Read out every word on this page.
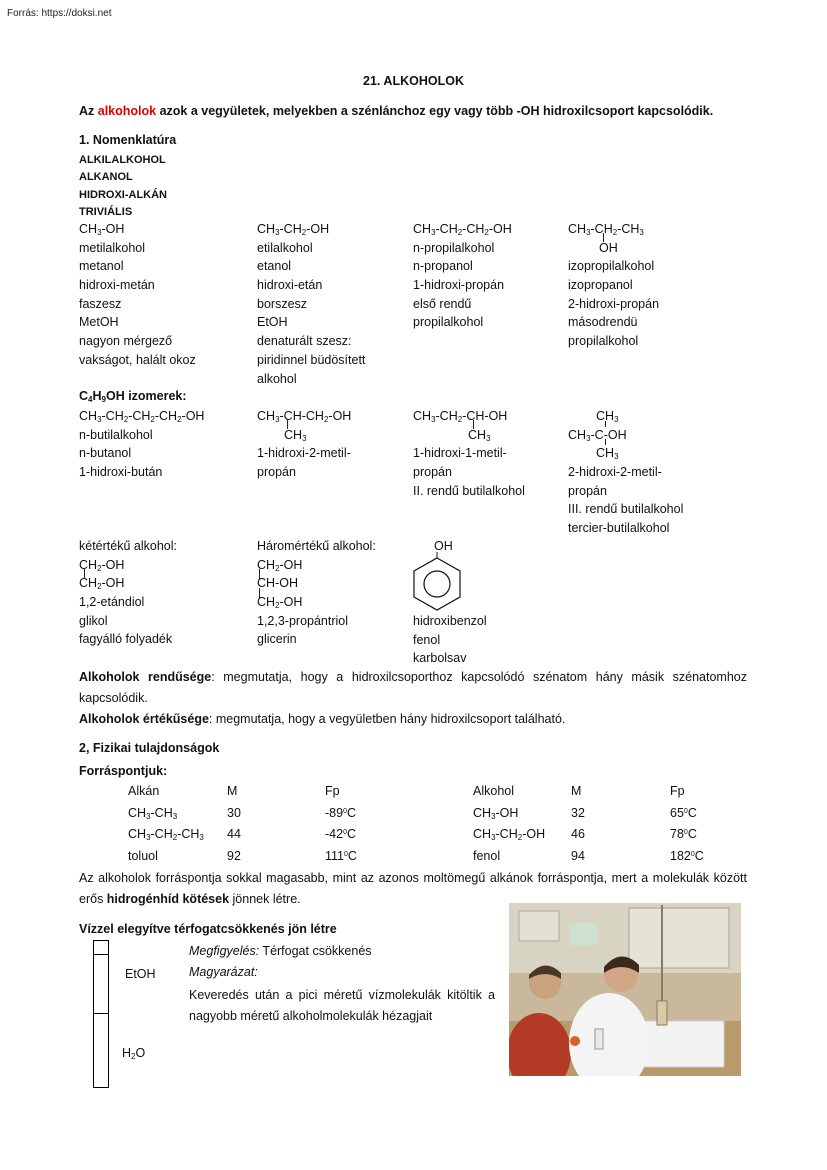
Forrás: https://doksi.net
21. ALKOHOLOK
Az alkoholok azok a vegyületek, melyekben a szénlánchoz egy vagy több -OH hidroxilcsoport kapcsolódik.
1. Nomenklatúra
ALKILALKOHOL
ALKANOL
HIDROXI-ALKÁN
TRIVIÁLIS
$CH_3-OH$
metilalkohol
metanol
hidroxi-metán
faszesz
MetOH
nagyon mérgező
vakságot, halált okoz
$CH_3-CH_2-OH$
etilalkohol
etanol
hidroxi-etán
borszesz
EtOH
denaturált szesz:
piridinnel büdösített
alkohol
$CH_3-CH_2-CH_2-OH$
n-propilalkohol
n-propanol
1-hidroxi-propán
első rendű
propilalkohol
$CH_3-CH_2-CH_3$
OH
izopropilalkohol
izopropanol
2-hidroxi-propán
másodrendü
propilalkohol
$C_4H_9OH$ izomerek:
$CH_3-CH_2-CH_2-CH_2-OH$
n-butilalkohol
n-butanol
1-hidroxi-bután
$CH_3-CH-CH_2-OH$
$CH_3$
1-hidroxi-2-metil-
propán
$CH_3-CH_2-CH-OH$
$CH_3$
1-hidroxi-1-metil-
propán
II. rendű butilalkohol
$CH_3$
$CH_3-C-OH$
$CH_3$
2-hidroxi-2-metil-
propán
III. rendű butilalkohol
tercier-butilalkohol
kétértékű alkohol:
$CH_2-OH$
$CH_2-OH$
1,2-etándiol
glikol
fagyálló folyadék
Háromértékű alkohol:
$CH_2-OH$
CH-OH
$CH_2-OH$
1,2,3-propántriol
glicerin
OH
hidroxibenzol
fenol
karbolsav
Alkoholok rendűsége: megmutatja, hogy a hidroxilcsoporthoz kapcsolódó szénatom hány másik szénatomhoz kapcsolódik.
Alkoholok értékűsége: megmutatja, hogy a vegyületben hány hidroxilcsoport található.
2, Fizikai tulajdonságok
Forráspontjuk:
Alkán
$CH_3-CH_3$
$CH_3-CH_2-CH_3$
toluol
M
30
44
92
Fp
$-89^0C$
$-42^0C$
$111^0C$
Alkohol
$CH_3-OH$
$CH_3-CH_2-OH$
fenol
M
32
46
94
Fp
$65^0C$
$78^0C$
$182^0C$
Az alkoholok forráspontja sokkal magasabb, mint az azonos moltömegű alkánok forráspontja, mert a molekulák között erős hidrogénhíd kötések jönnek létre.
Vízzel elegyítve térfogatcsökkenés jön létre
EtOH
$H_2O$
Megfigyelés: Térfogat csökkenés
Magyarázat:
Keveredés után a pici méretű vízmolekulák kitöltik a nagyobb méretű alkoholmolekulák hézagjait
